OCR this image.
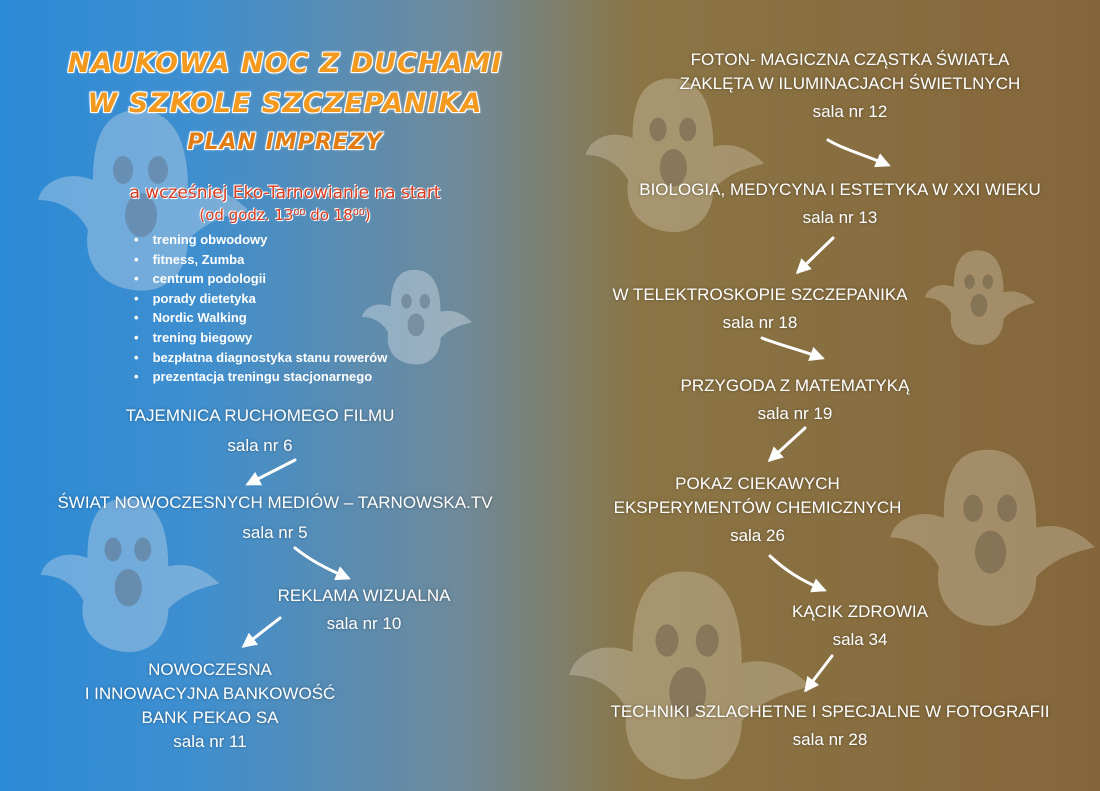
NAUKOWA NOC Z DUCHAMI
W SZKOLE SZCZEPANIKA
PLAN IMPREZY
a wcześniej Eko-Tarnowianie na start
(od godz. 13⁰⁰ do 18⁰⁰)
• trening obwodowy
• fitness, Zumba
• centrum podologii
• porady dietetyka
• Nordic Walking
• trening biegowy
• bezpłatna diagnostyka stanu rowerów
• prezentacja treningu stacjonarnego
TAJEMNICA RUCHOMEGO FILMU
sala nr 6
ŚWIAT NOWOCZESNYCH MEDIÓW – TARNOWSKA.TV
sala nr 5
REKLAMA WIZUALNA
sala nr 10
NOWOCZESNA
I INNOWACYJNA BANKOWOŚĆ
BANK PEKAO SA
sala nr 11
FOTON- MAGICZNA CZĄSTKA ŚWIATŁA
ZAKLĘTA W ILUMINACJACH ŚWIETLNYCH
sala nr 12
BIOLOGIA, MEDYCYNA I ESTETYKA W XXI WIEKU
sala nr 13
W TELEKTROSKOPIE SZCZEPANIKA
sala nr 18
PRZYGODA Z MATEMATYKĄ
sala nr 19
POKAZ CIEKAWYCH
EKSPERYMENTÓW CHEMICZNYCH
sala 26
KĄCIK ZDROWIA
sala 34
TECHNIKI SZLACHETNE I SPECJALNE W FOTOGRAFII
sala nr 28
